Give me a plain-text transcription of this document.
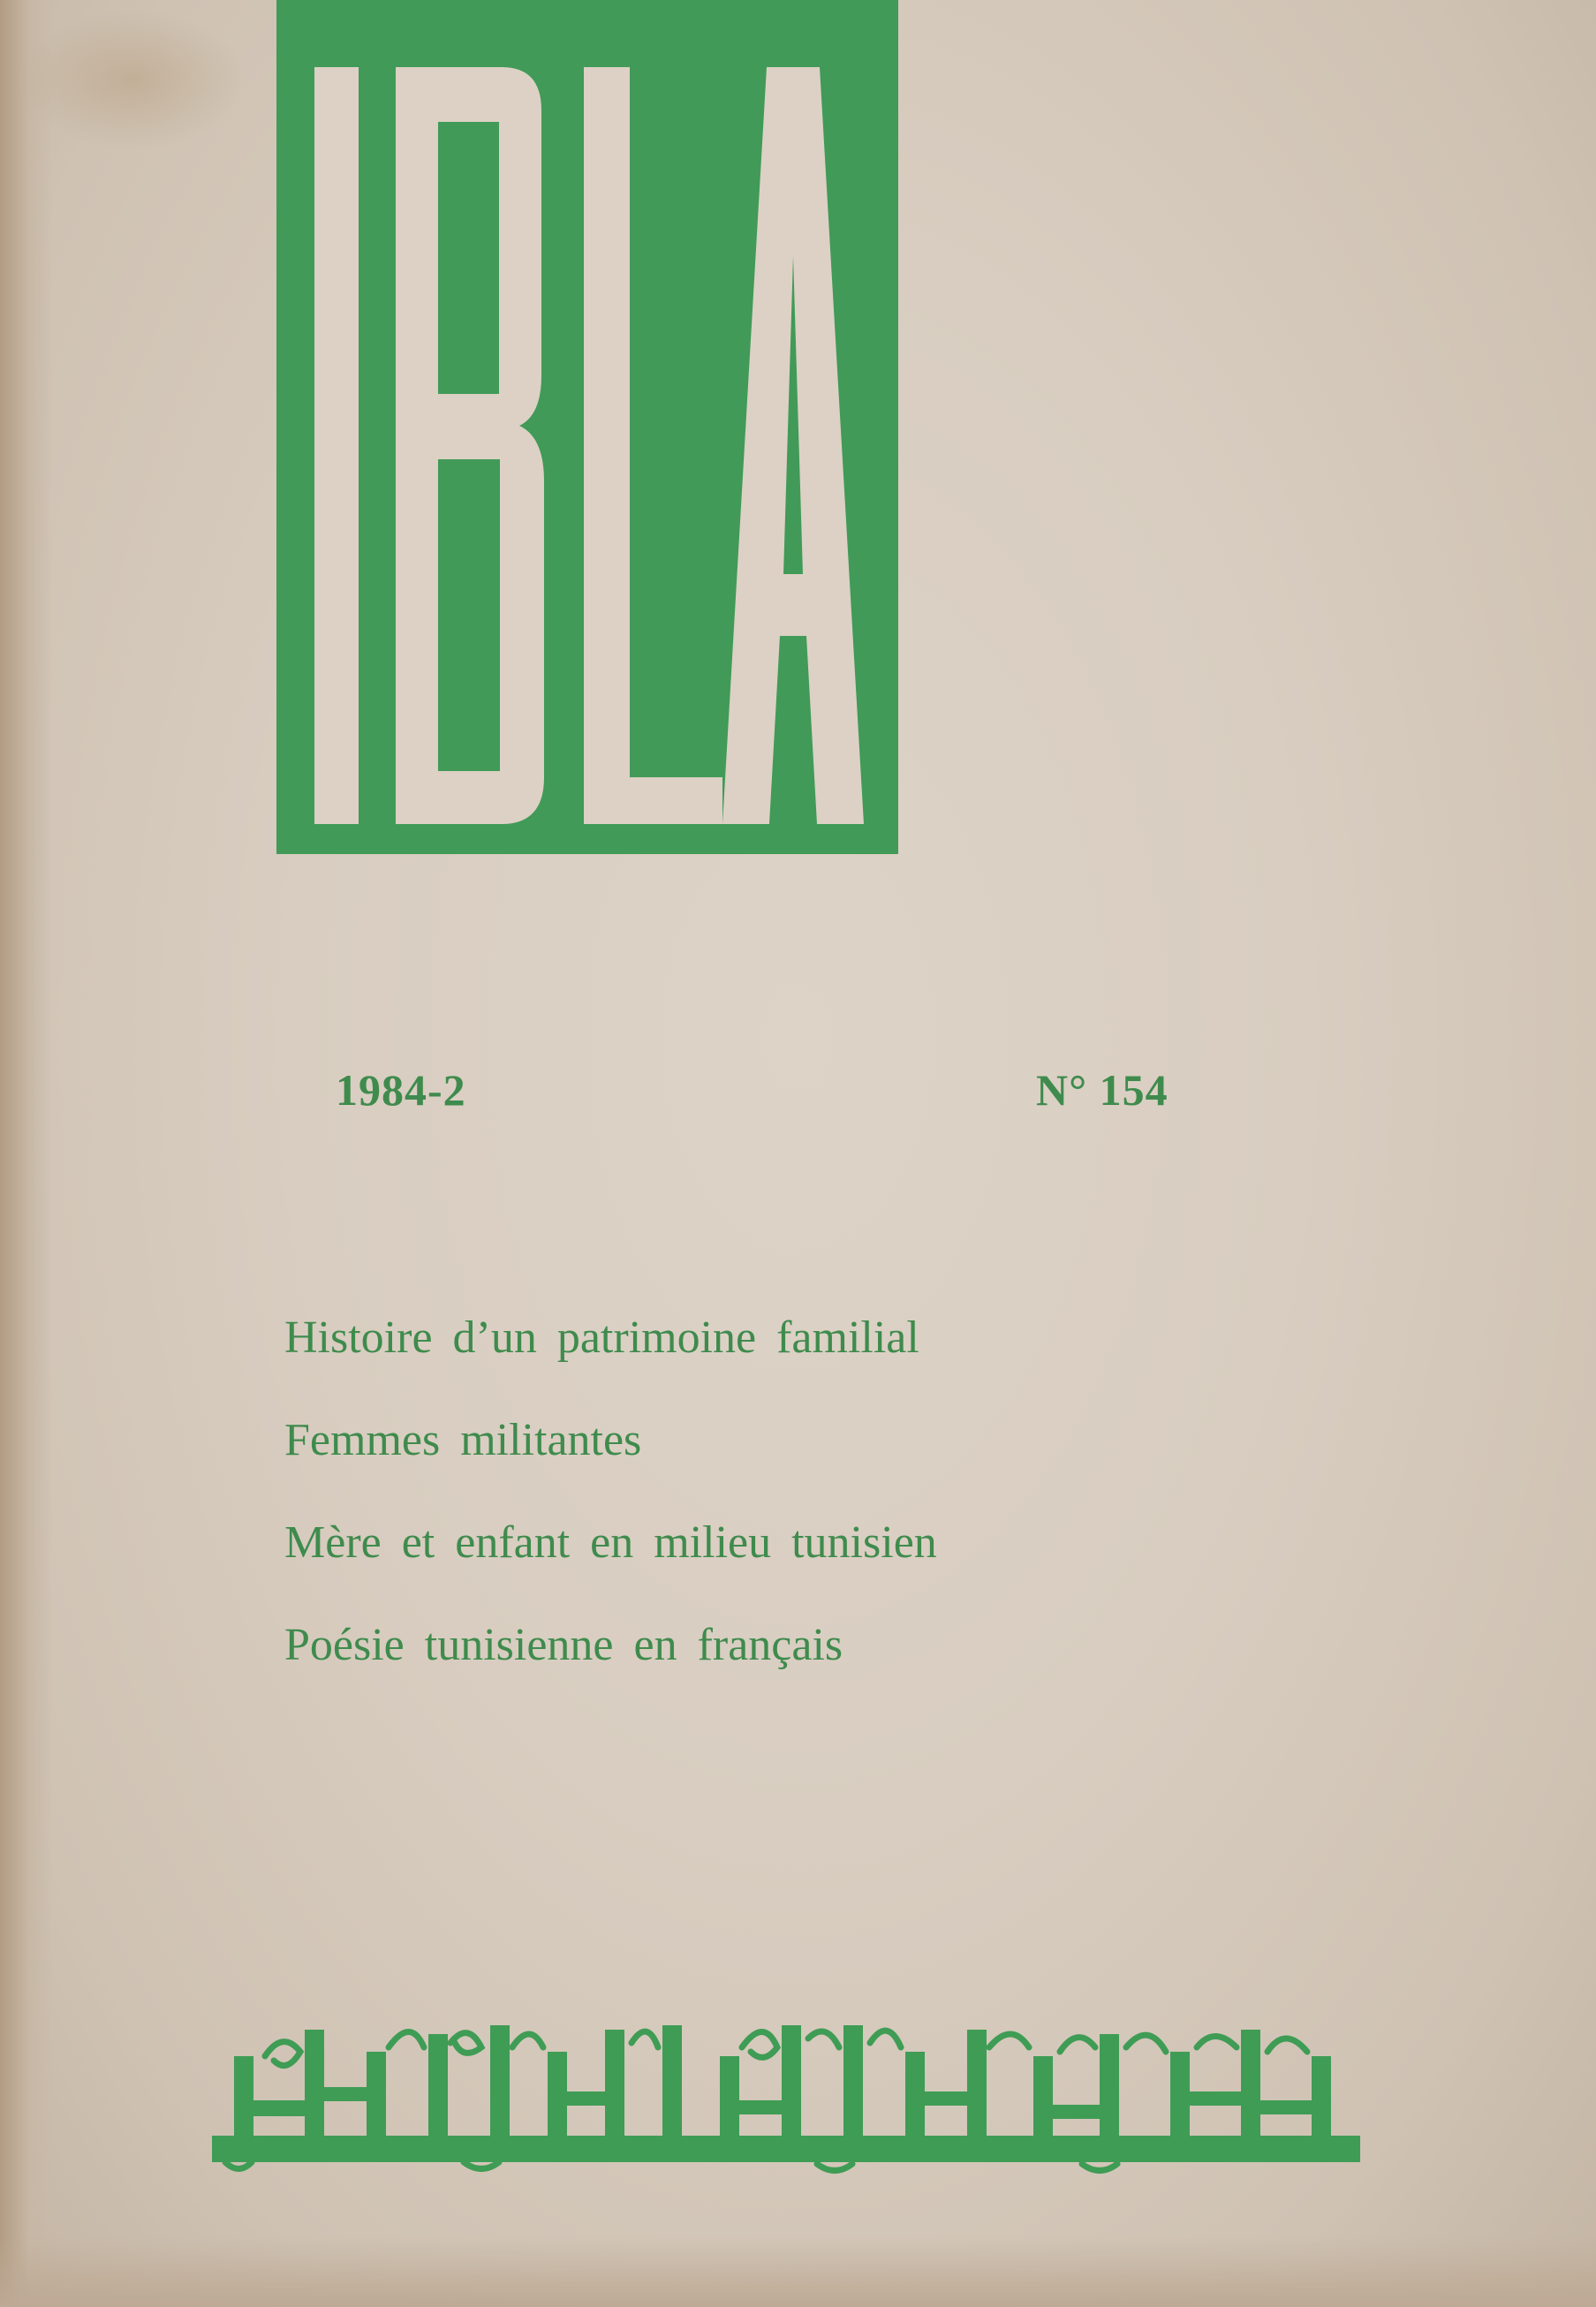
1984-2	N° 154
Histoire d’un patrimoine familial
Femmes militantes
Mère et enfant en milieu tunisien
Poésie tunisienne en français
